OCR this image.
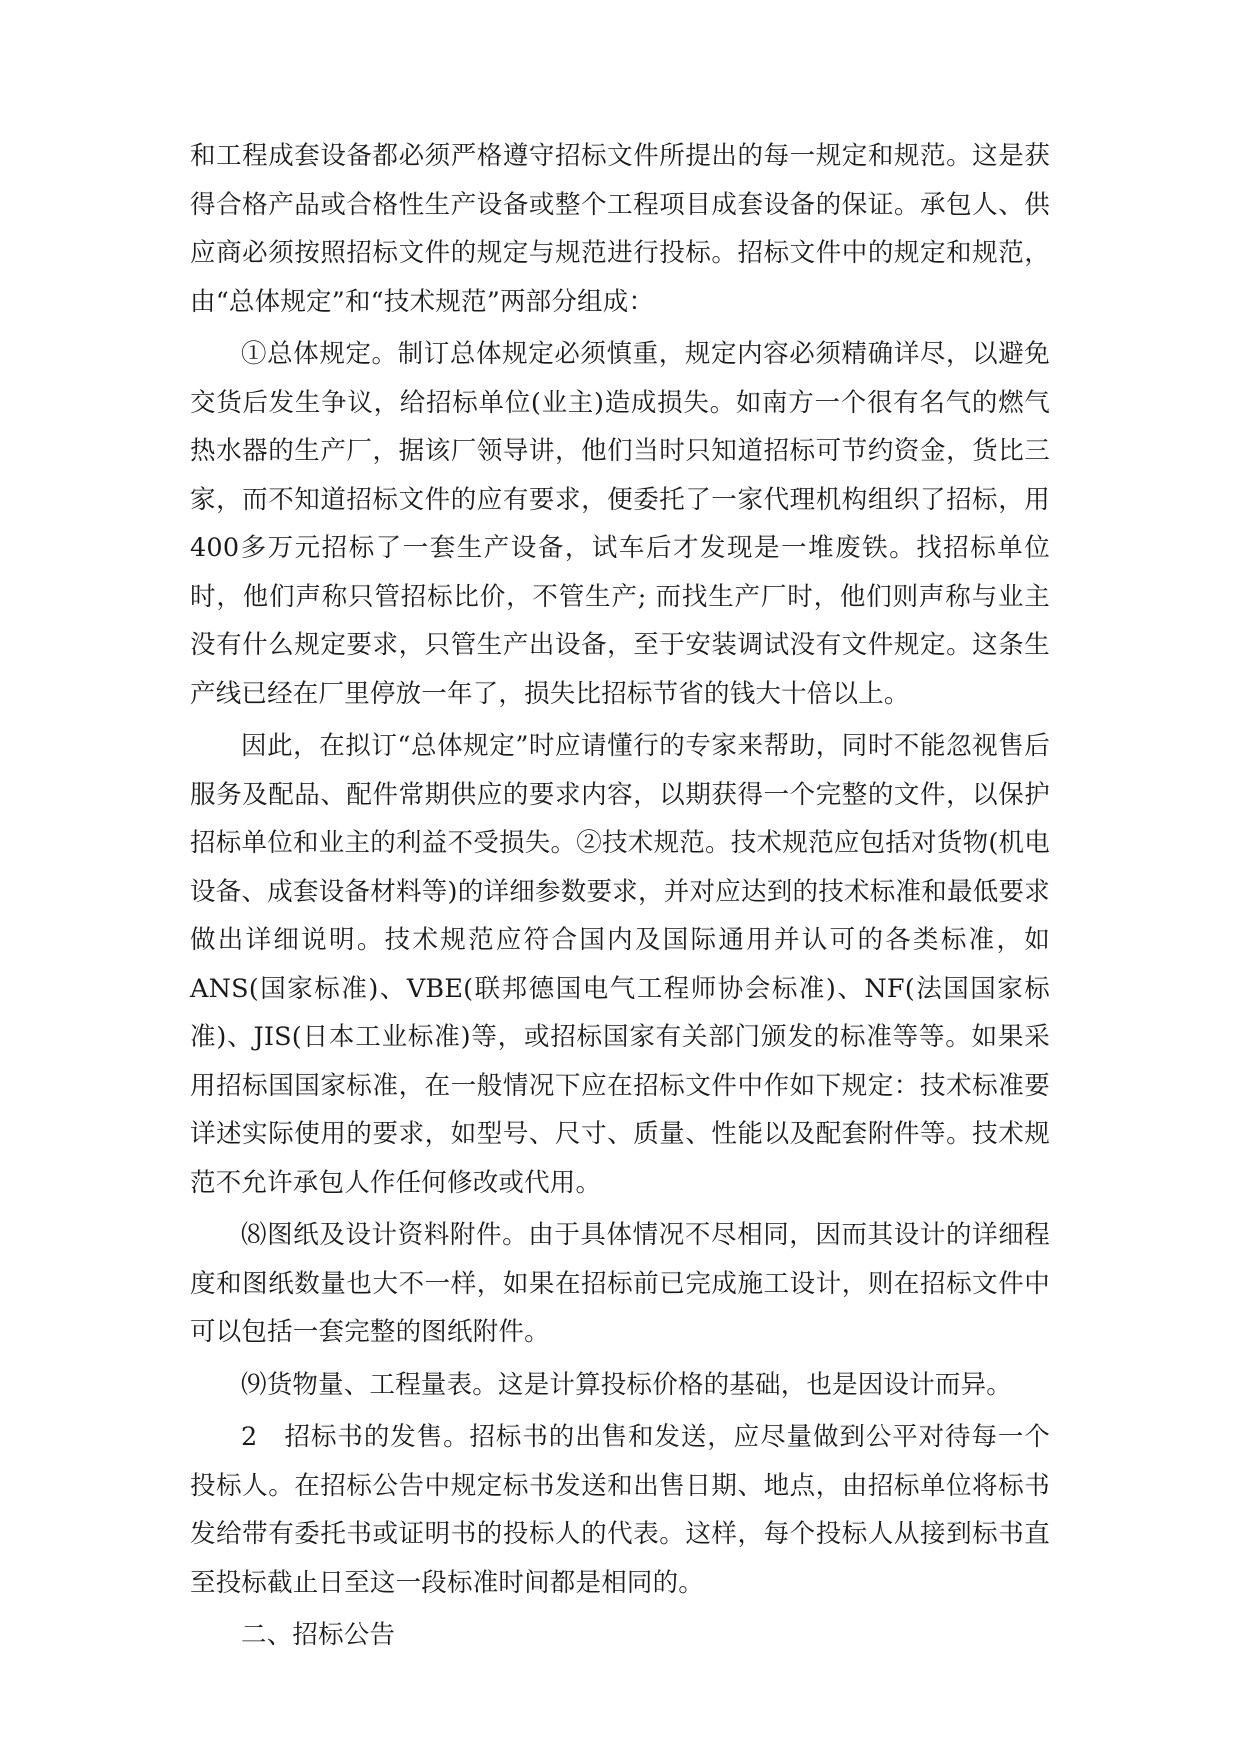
和工程成套设备都必须严格遵守招标文件所提出的每一规定和规范。这是获得合格产品或合格性生产设备或整个工程项目成套设备的保证。承包人、供应商必须按照招标文件的规定与规范进行投标。招标文件中的规定和规范，由“总体规定”和“技术规范”两部分组成：

①总体规定。制订总体规定必须慎重，规定内容必须精确详尽，以避免交货后发生争议，给招标单位(业主)造成损失。如南方一个很有名气的燃气热水器的生产厂，据该厂领导讲，他们当时只知道招标可节约资金，货比三家，而不知道招标文件的应有要求，便委托了一家代理机构组织了招标，用400多万元招标了一套生产设备，试车后才发现是一堆废铁。找招标单位时，他们声称只管招标比价，不管生产; 而找生产厂时，他们则声称与业主没有什么规定要求，只管生产出设备，至于安装调试没有文件规定。这条生产线已经在厂里停放一年了，损失比招标节省的钱大十倍以上。

因此，在拟订“总体规定”时应请懂行的专家来帮助，同时不能忽视售后服务及配品、配件常期供应的要求内容，以期获得一个完整的文件，以保护招标单位和业主的利益不受损失。②技术规范。技术规范应包括对货物(机电设备、成套设备材料等)的详细参数要求，并对应达到的技术标准和最低要求做出详细说明。技术规范应符合国内及国际通用并认可的各类标准，如ANS(国家标准)、VBE(联邦德国电气工程师协会标准)、NF(法国国家标准)、JIS(日本工业标准)等，或招标国家有关部门颁发的标准等等。如果采用招标国国家标准，在一般情况下应在招标文件中作如下规定：技术标准要详述实际使用的要求，如型号、尺寸、质量、性能以及配套附件等。技术规范不允许承包人作任何修改或代用。

⑻图纸及设计资料附件。由于具体情况不尽相同，因而其设计的详细程度和图纸数量也大不一样，如果在招标前已完成施工设计，则在招标文件中可以包括一套完整的图纸附件。

⑼货物量、工程量表。这是计算投标价格的基础，也是因设计而异。

2　招标书的发售。招标书的出售和发送，应尽量做到公平对待每一个投标人。在招标公告中规定标书发送和出售日期、地点，由招标单位将标书发给带有委托书或证明书的投标人的代表。这样，每个投标人从接到标书直至投标截止日至这一段标准时间都是相同的。

二、招标公告
